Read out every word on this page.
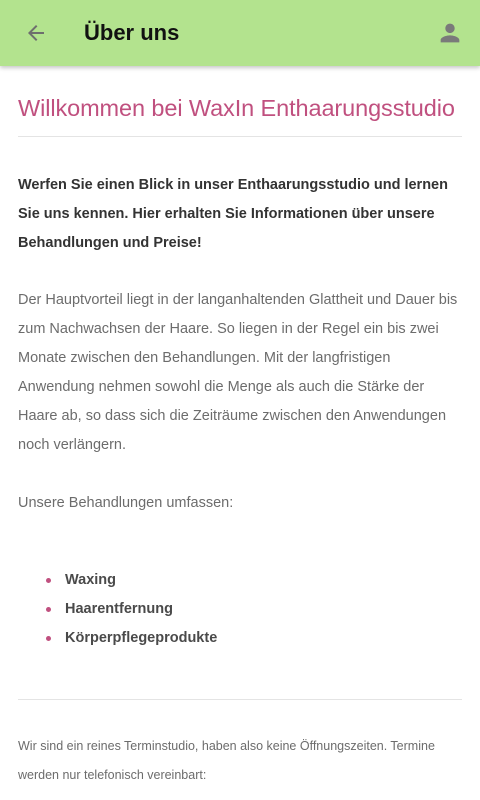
Über uns
Willkommen bei WaxIn Enthaarungsstudio

Werfen Sie einen Blick in unser Enthaarungsstudio und lernen Sie uns kennen. Hier erhalten Sie Informationen über unsere Behandlungen und Preise!

Der Hauptvorteil liegt in der langanhaltenden Glattheit und Dauer bis zum Nachwachsen der Haare. So liegen in der Regel ein bis zwei Monate zwischen den Behandlungen. Mit der langfristigen Anwendung nehmen sowohl die Menge als auch die Stärke der Haare ab, so dass sich die Zeiträume zwischen den Anwendungen noch verlängern.

Unsere Behandlungen umfassen:

Waxing
Haarentfernung
Körperpflegeprodukte

Wir sind ein reines Terminstudio, haben also keine Öffnungszeiten. Termine werden nur telefonisch vereinbart:
